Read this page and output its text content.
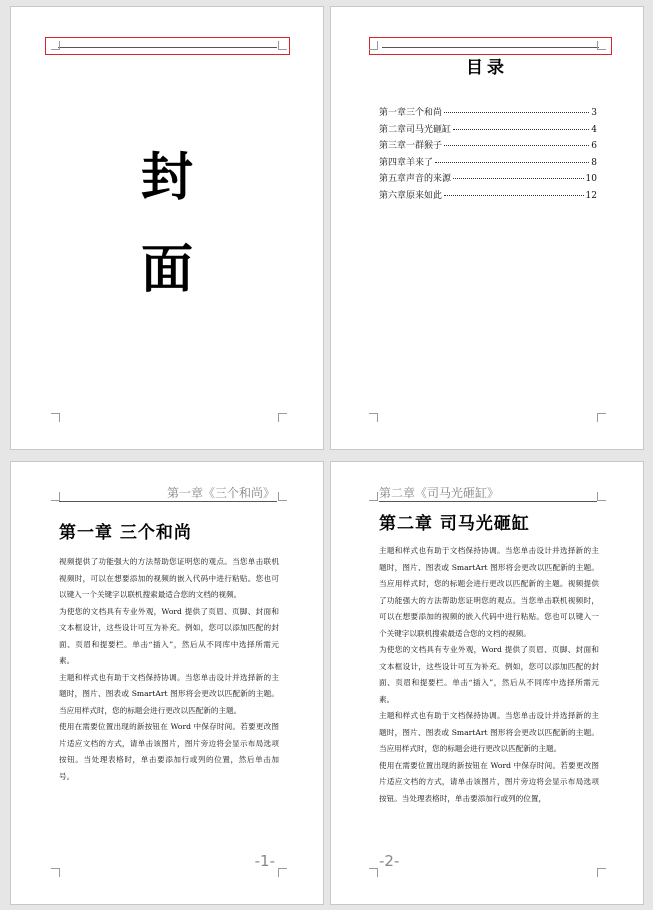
封
面
目录
第一章三个和尚	3
第二章司马光砸缸	4
第三章一群猴子	6
第四章羊来了	8
第五章声音的来源	10
第六章原来如此	12
第一章《三个和尚》
第一章 三个和尚

视频提供了功能强大的方法帮助您证明您的观点。当您单击联机视频时，可以在想要添加的视频的嵌入代码中进行粘贴。您也可以键入一个关键字以联机搜索最适合您的文档的视频。

为使您的文档具有专业外观，Word 提供了页眉、页脚、封面和文本框设计，这些设计可互为补充。例如，您可以添加匹配的封面、页眉和提要栏。单击“插入”，然后从不同库中选择所需元素。

主题和样式也有助于文档保持协调。当您单击设计并选择新的主题时，图片、图表或 SmartArt 图形将会更改以匹配新的主题。当应用样式时，您的标题会进行更改以匹配新的主题。

使用在需要位置出现的新按钮在 Word 中保存时间。若要更改图片适应文档的方式，请单击该图片，图片旁边将会显示布局选项按钮。当处理表格时，单击要添加行或列的位置，然后单击加号。

-1-
第二章《司马光砸缸》
第二章 司马光砸缸

主题和样式也有助于文档保持协调。当您单击设计并选择新的主题时，图片、图表或 SmartArt 图形将会更改以匹配新的主题。当应用样式时，您的标题会进行更改以匹配新的主题。视频提供了功能强大的方法帮助您证明您的观点。当您单击联机视频时，可以在想要添加的视频的嵌入代码中进行粘贴。您也可以键入一个关键字以联机搜索最适合您的文档的视频。

为使您的文档具有专业外观，Word 提供了页眉、页脚、封面和文本框设计，这些设计可互为补充。例如，您可以添加匹配的封面、页眉和提要栏。单击“插入”，然后从不同库中选择所需元素。

主题和样式也有助于文档保持协调。当您单击设计并选择新的主题时，图片、图表或 SmartArt 图形将会更改以匹配新的主题。当应用样式时，您的标题会进行更改以匹配新的主题。

使用在需要位置出现的新按钮在 Word 中保存时间。若要更改图片适应文档的方式，请单击该图片，图片旁边将会显示布局选项按钮。当处理表格时，单击要添加行或列的位置，

-2-
